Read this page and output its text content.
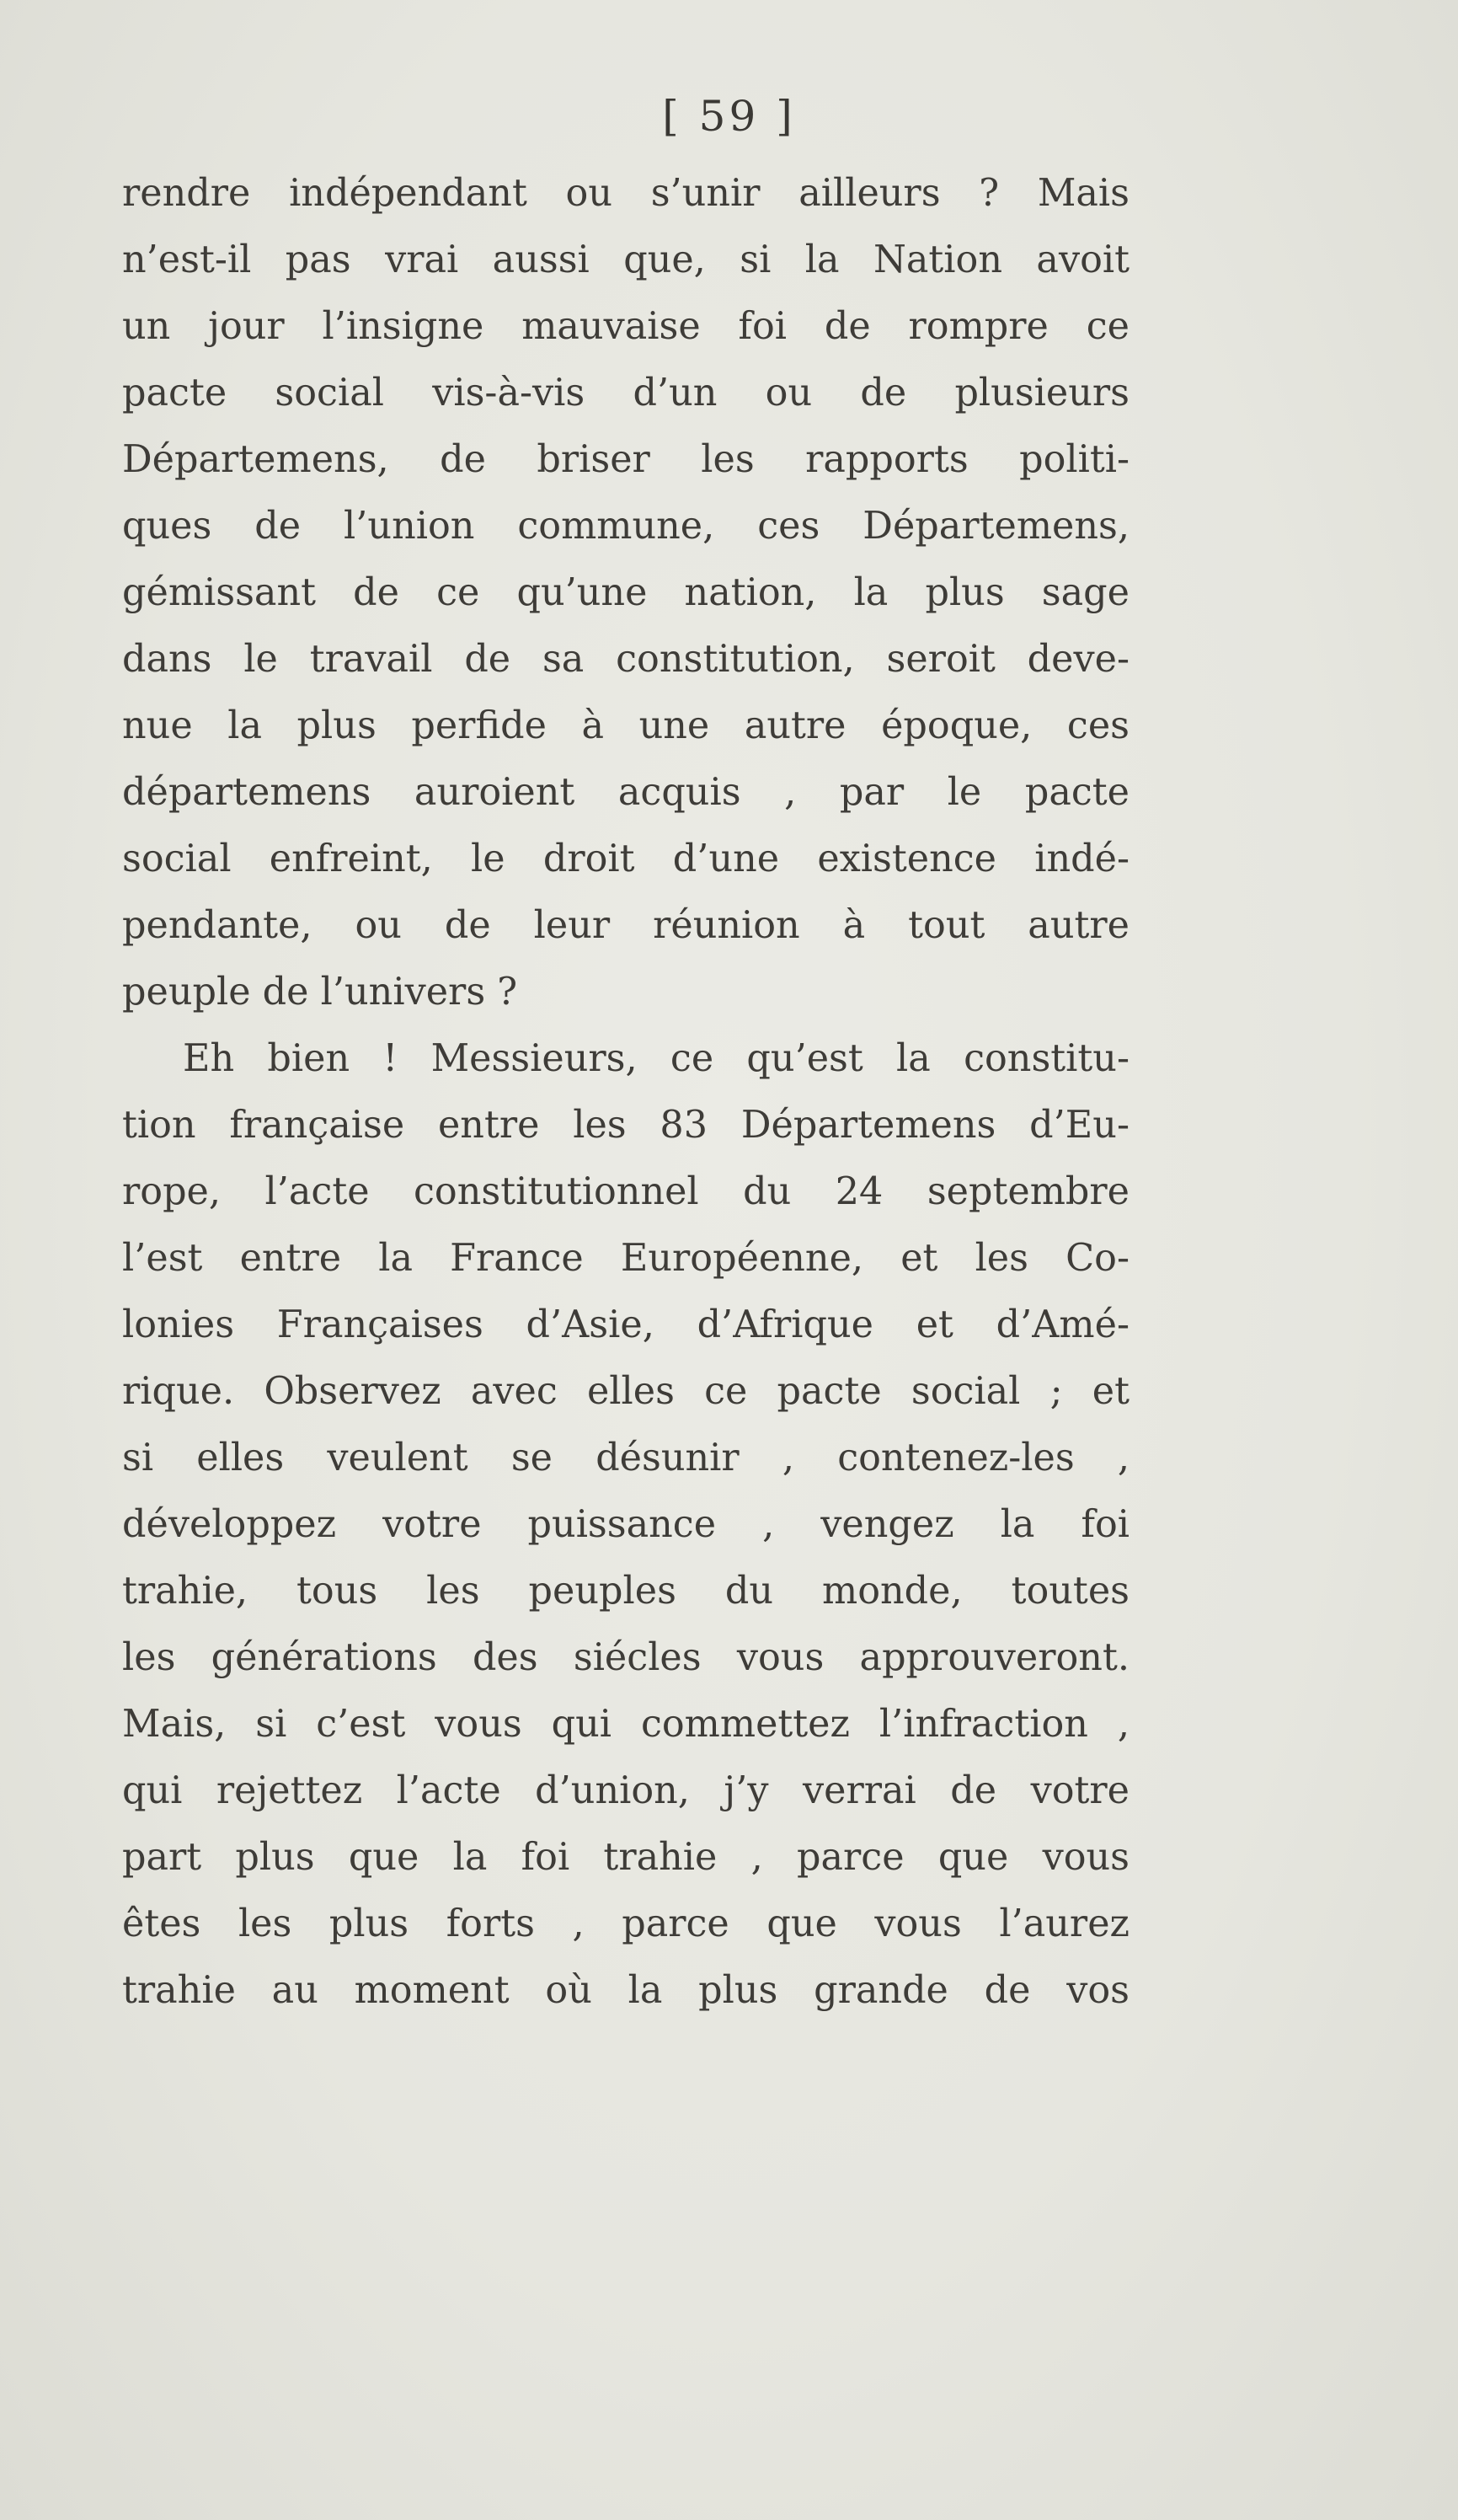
[ 59 ]
rendre indépendant ou s’unir ailleurs ? Mais
n’est-il pas vrai aussi que, si la Nation avoit
un jour l’insigne mauvaise foi de rompre ce
pacte social vis-à-vis d’un ou de plusieurs
Départemens, de briser les rapports politi-
ques de l’union commune, ces Départemens,
gémissant de ce qu’une nation, la plus sage
dans le travail de sa constitution, seroit deve-
nue la plus perfide à une autre époque, ces
départemens auroient acquis , par le pacte
social enfreint, le droit d’une existence indé-
pendante, ou de leur réunion à tout autre
peuple de l’univers ?
Eh bien ! Messieurs, ce qu’est la constitu-
tion française entre les 83 Départemens d’Eu-
rope, l’acte constitutionnel du 24 septembre
l’est entre la France Européenne, et les Co-
lonies Françaises d’Asie, d’Afrique et d’Amé-
rique. Observez avec elles ce pacte social ; et
si elles veulent se désunir , contenez-les ,
développez votre puissance , vengez la foi
trahie, tous les peuples du monde, toutes
les générations des siécles vous approuveront.
Mais, si c’est vous qui commettez l’infraction ,
qui rejettez l’acte d’union, j’y verrai de votre
part plus que la foi trahie , parce que vous
êtes les plus forts , parce que vous l’aurez
trahie au moment où la plus grande de vos
